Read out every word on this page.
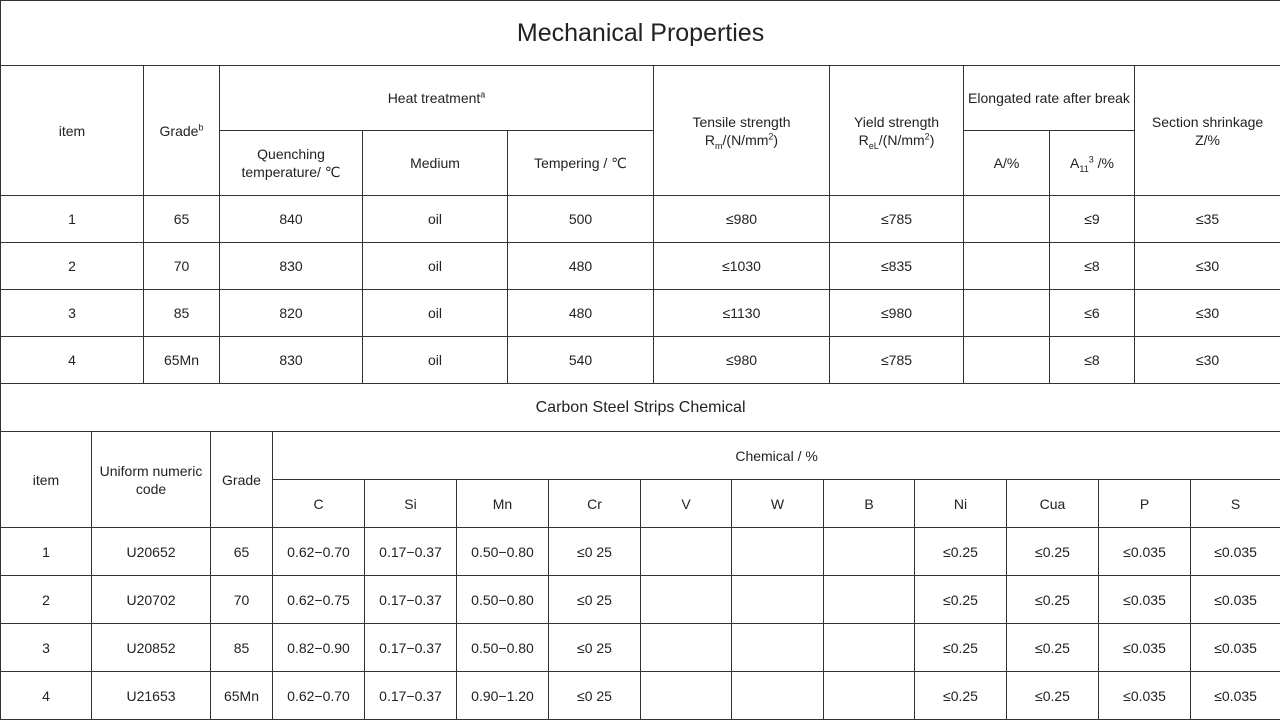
Mechanical Properties									
item	Grade$^b$	Heat treatment$^a$			Tensile strength $R_m/(N/mm^2)$	Yield strength $R_{eL}/(N/mm^2)$	Elongated rate after break		Section shrinkage Z/%
		Quenching temperature/ ℃	Medium	Tempering / ℃			A/%	$A_{11}^3$ /%	
1	65	840	oil	500	≤980	≤785		≤9	≤35
2	70	830	oil	480	≤1030	≤835		≤8	≤30
3	85	820	oil	480	≤1130	≤980		≤6	≤30
4	65Mn	830	oil	540	≤980	≤785		≤8	≤30
Carbon Steel Strips Chemical													
item	Uniform numeric code	Grade	Chemical / %										
			C	Si	Mn	Cr	V	W	B	Ni	Cua	P	S
1	U20652	65	0.62−0.70	0.17−0.37	0.50−0.80	≤0 25				≤0.25	≤0.25	≤0.035	≤0.035
2	U20702	70	0.62−0.75	0.17−0.37	0.50−0.80	≤0 25				≤0.25	≤0.25	≤0.035	≤0.035
3	U20852	85	0.82−0.90	0.17−0.37	0.50−0.80	≤0 25				≤0.25	≤0.25	≤0.035	≤0.035
4	U21653	65Mn	0.62−0.70	0.17−0.37	0.90−1.20	≤0 25				≤0.25	≤0.25	≤0.035	≤0.035
